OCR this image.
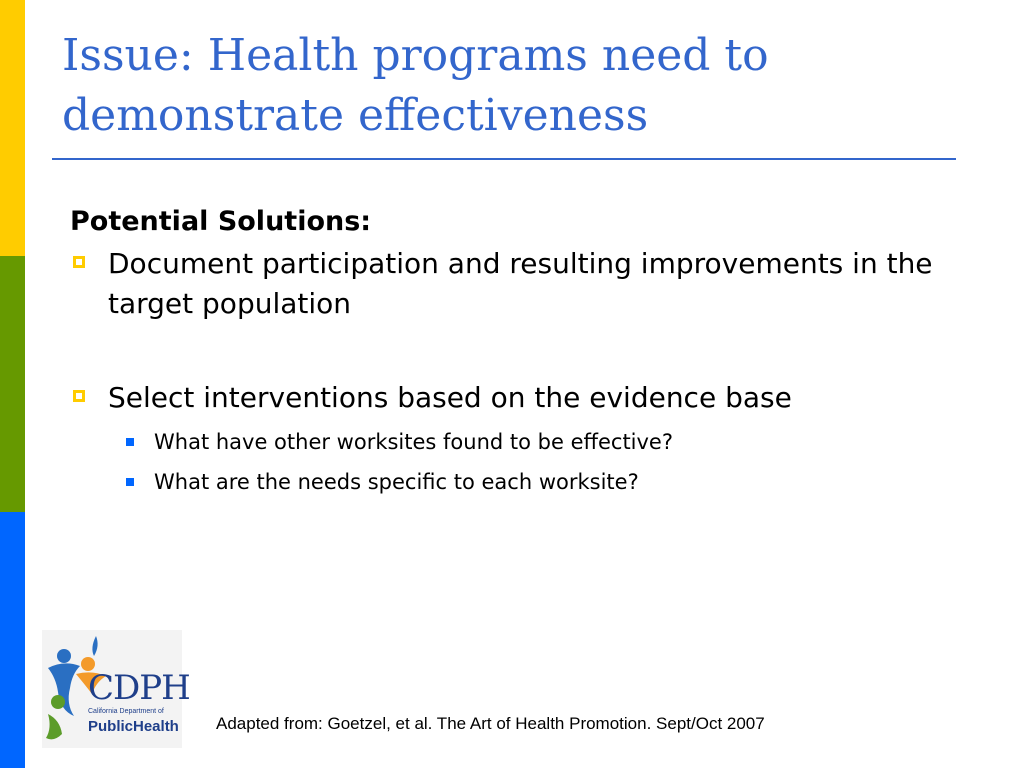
Issue: Health programs need to demonstrate effectiveness
Potential Solutions:
Document participation and resulting improvements in the target population
Select interventions based on the evidence base
What have other worksites found to be effective?
What are the needs specific to each worksite?
CDPH
California Department of
PublicHealth Adapted from: Goetzel, et al. The Art of Health Promotion. Sept/Oct 2007
